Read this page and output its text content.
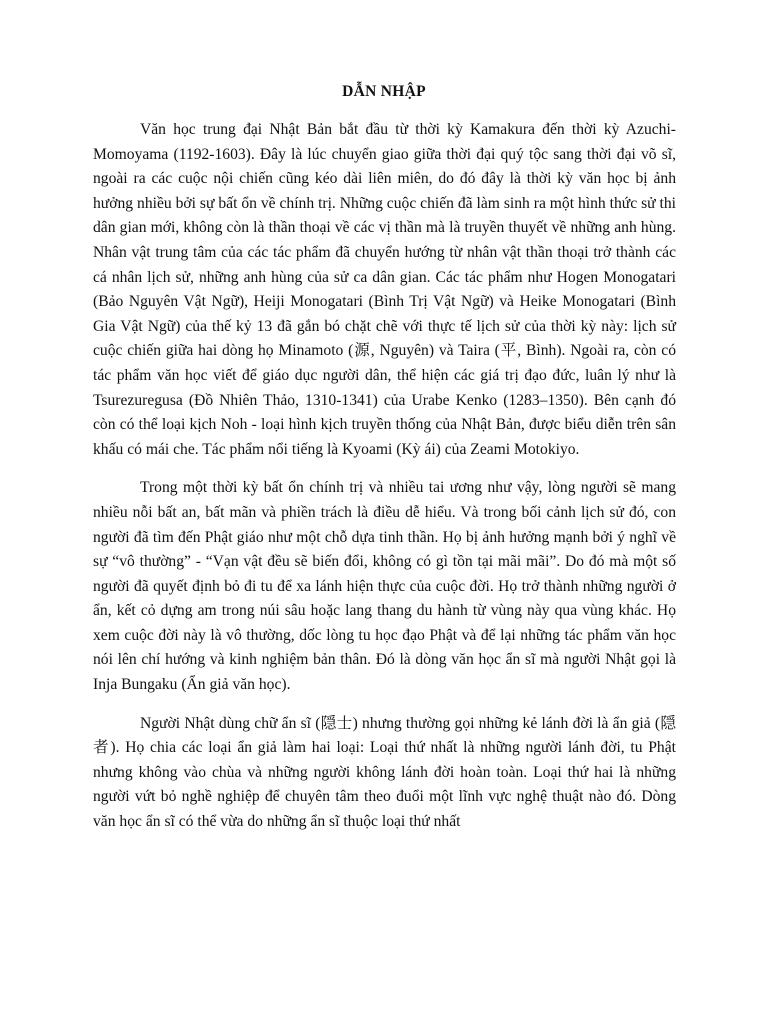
DẪN NHẬP

Văn học trung đại Nhật Bản bắt đầu từ thời kỳ Kamakura đến thời kỳ Azuchi-Momoyama (1192-1603). Đây là lúc chuyển giao giữa thời đại quý tộc sang thời đại võ sĩ, ngoài ra các cuộc nội chiến cũng kéo dài liên miên, do đó đây là thời kỳ văn học bị ảnh hưởng nhiều bởi sự bất ổn về chính trị. Những cuộc chiến đã làm sinh ra một hình thức sử thi dân gian mới, không còn là thần thoại về các vị thần mà là truyền thuyết về những anh hùng. Nhân vật trung tâm của các tác phẩm đã chuyển hướng từ nhân vật thần thoại trở thành các cá nhân lịch sử, những anh hùng của sử ca dân gian. Các tác phẩm như Hogen Monogatari (Bảo Nguyên Vật Ngữ), Heiji Monogatari (Bình Trị Vật Ngữ) và Heike Monogatari (Bình Gia Vật Ngữ) của thế kỷ 13 đã gắn bó chặt chẽ với thực tế lịch sử của thời kỳ này: lịch sử cuộc chiến giữa hai dòng họ Minamoto (源, Nguyên) và Taira (平, Bình). Ngoài ra, còn có tác phẩm văn học viết để giáo dục người dân, thể hiện các giá trị đạo đức, luân lý như là Tsurezuregusa (Đồ Nhiên Thảo, 1310-1341) của Urabe Kenko (1283–1350). Bên cạnh đó còn có thể loại kịch Noh - loại hình kịch truyền thống của Nhật Bản, được biểu diễn trên sân khấu có mái che. Tác phẩm nổi tiếng là Kyoami (Kỳ ái) của Zeami Motokiyo.

Trong một thời kỳ bất ổn chính trị và nhiều tai ương như vậy, lòng người sẽ mang nhiều nỗi bất an, bất mãn và phiền trách là điều dễ hiểu. Và trong bối cảnh lịch sử đó, con người đã tìm đến Phật giáo như một chỗ dựa tinh thần. Họ bị ảnh hưởng mạnh bởi ý nghĩ về sự “vô thường” - “Vạn vật đều sẽ biến đổi, không có gì tồn tại mãi mãi”. Do đó mà một số người đã quyết định bỏ đi tu để xa lánh hiện thực của cuộc đời. Họ trở thành những người ở ẩn, kết cỏ dựng am trong núi sâu hoặc lang thang du hành từ vùng này qua vùng khác. Họ xem cuộc đời này là vô thường, dốc lòng tu học đạo Phật và để lại những tác phẩm văn học nói lên chí hướng và kinh nghiệm bản thân. Đó là dòng văn học ẩn sĩ mà người Nhật gọi là Inja Bungaku (Ẩn giả văn học).

Người Nhật dùng chữ ẩn sĩ (隠士) nhưng thường gọi những kẻ lánh đời là ẩn giả (隠者). Họ chia các loại ẩn giả làm hai loại: Loại thứ nhất là những người lánh đời, tu Phật nhưng không vào chùa và những người không lánh đời hoàn toàn. Loại thứ hai là những người vứt bỏ nghề nghiệp để chuyên tâm theo đuổi một lĩnh vực nghệ thuật nào đó. Dòng văn học ẩn sĩ có thể vừa do những ẩn sĩ thuộc loại thứ nhất
